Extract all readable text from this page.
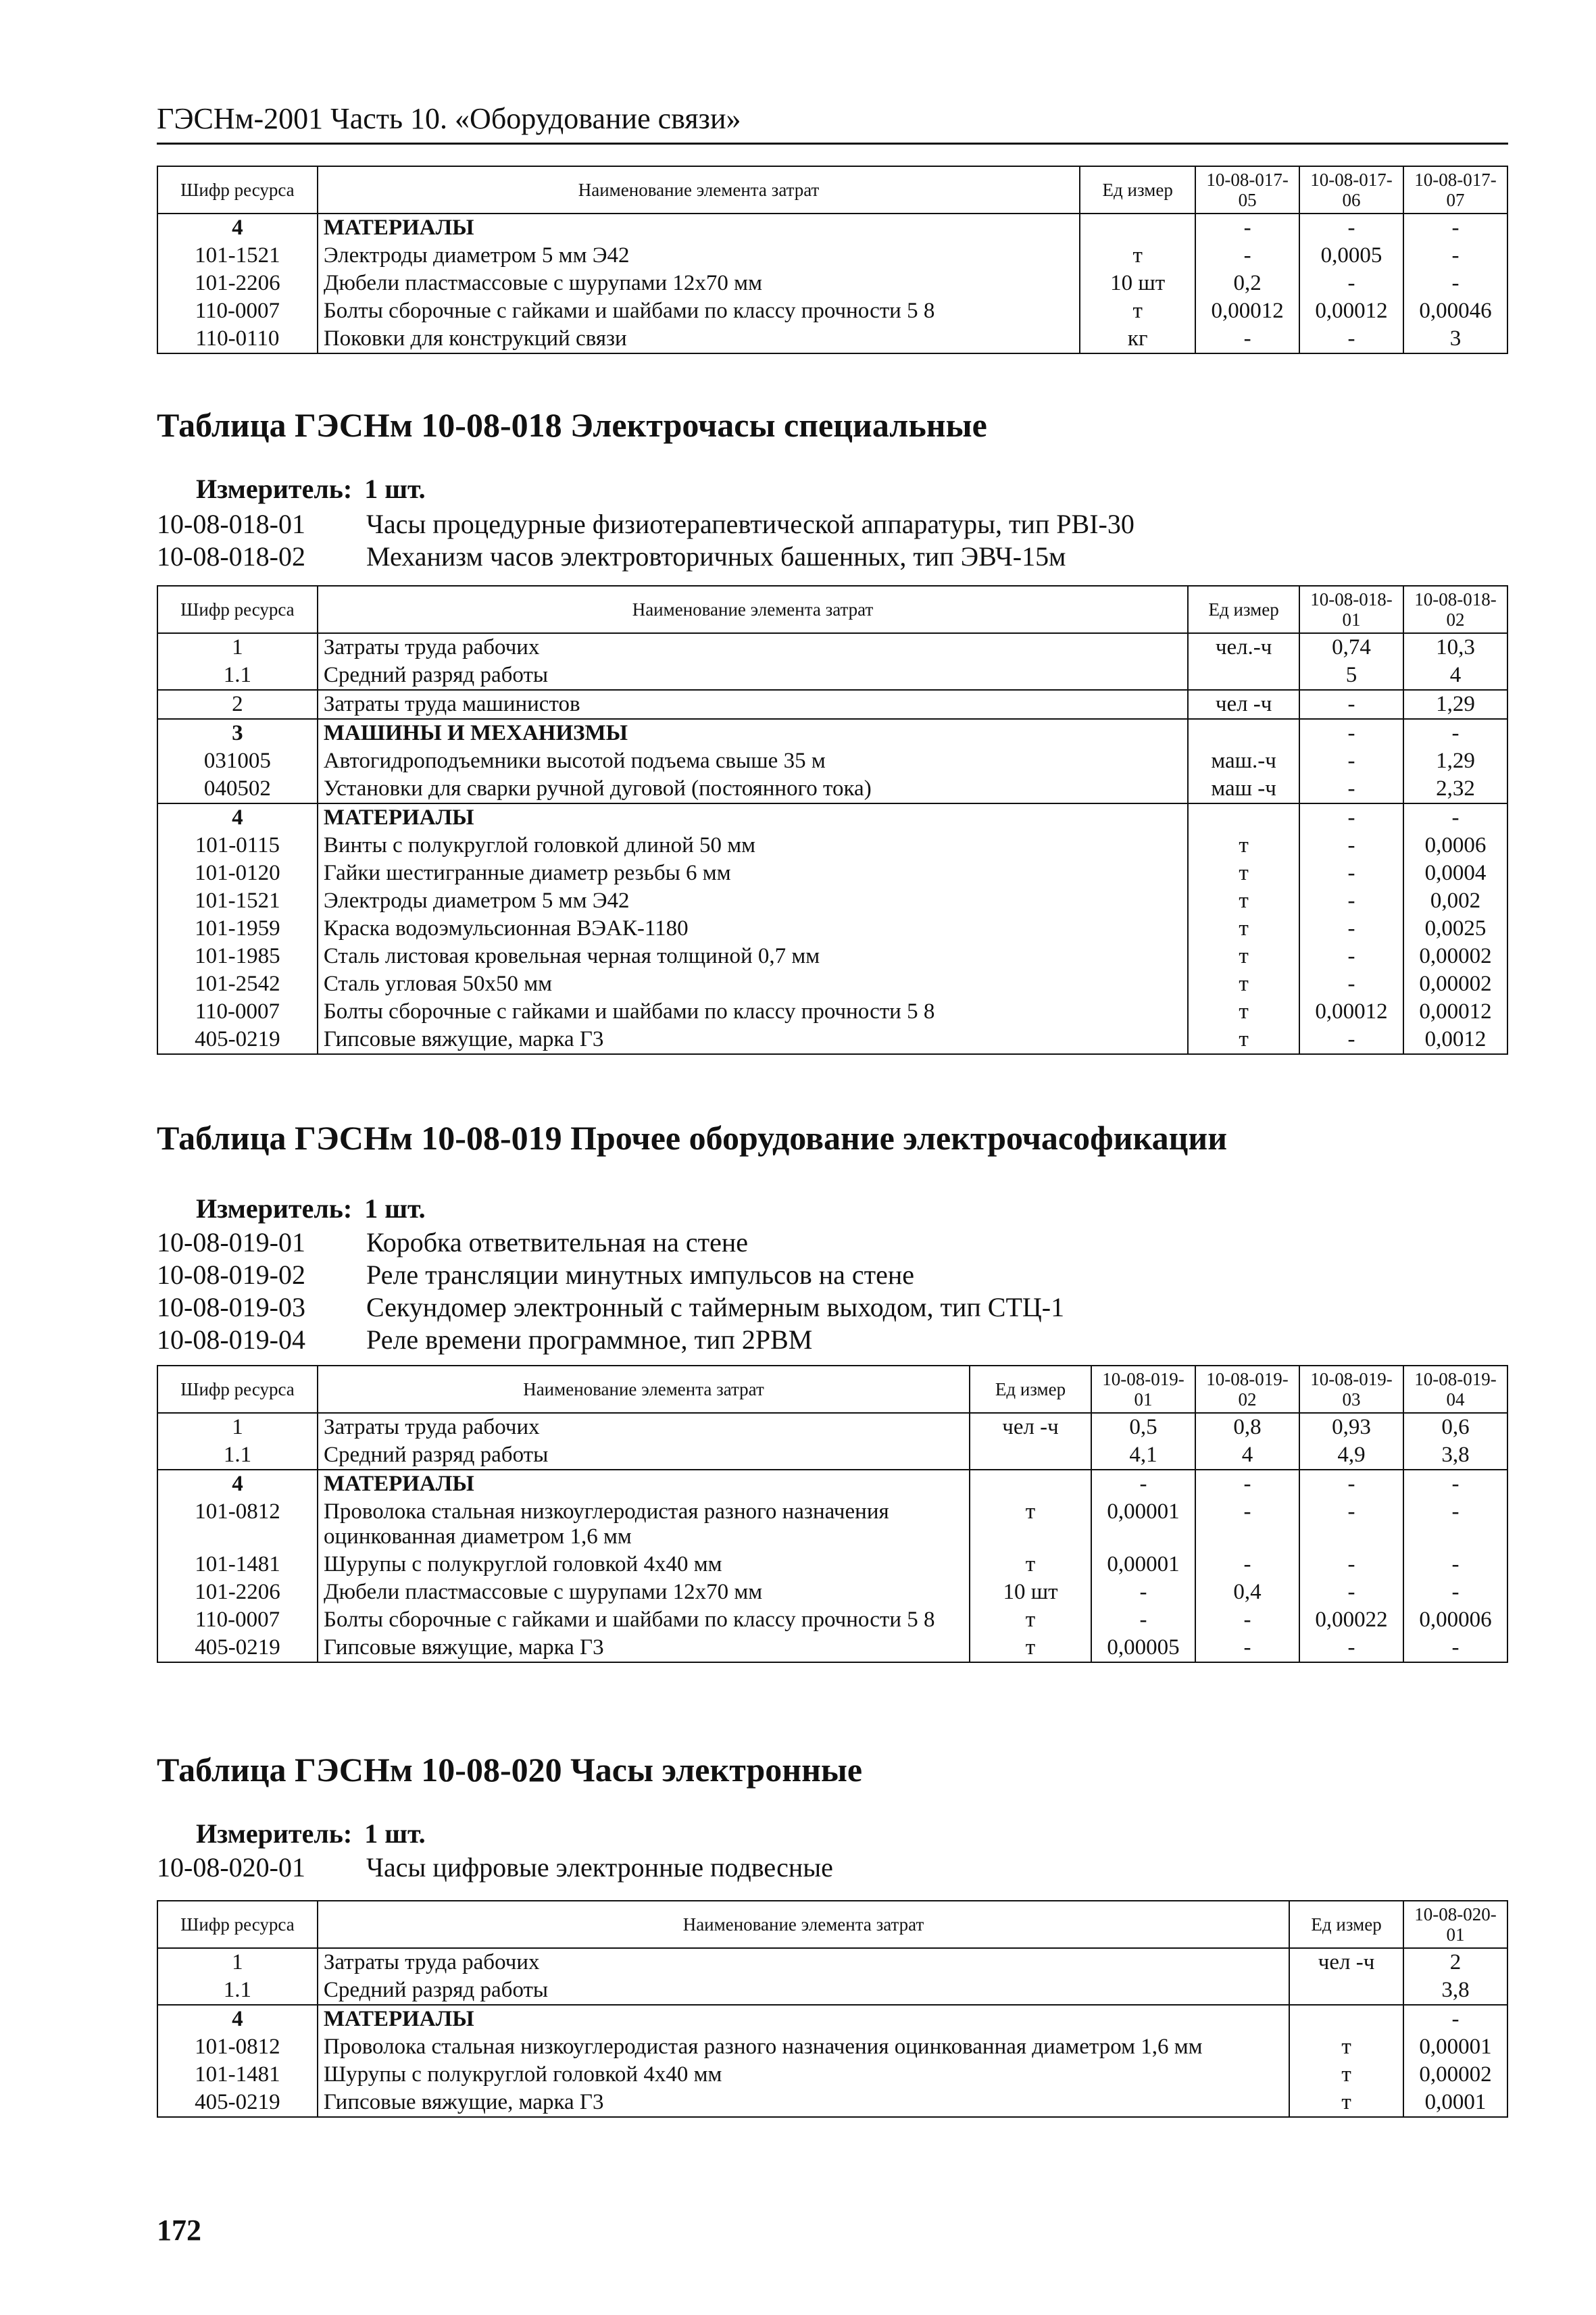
ГЭСНм-2001 Часть 10. «Оборудование связи»
Шифр ресурса	Наименование элемента затрат	Ед измер	10-08-017-05	10-08-017-06	10-08-017-07
4	МАТЕРИАЛЫ		-	-	-
101-1521	Электроды диаметром 5 мм Э42	т	-	0,0005	-
101-2206	Дюбели пластмассовые с шурупами 12х70 мм	10 шт	0,2	-	-
110-0007	Болты сборочные с гайками и шайбами по классу прочности 5 8	т	0,00012	0,00012	0,00046
110-0110	Поковки для конструкций связи	кг	-	-	3
Таблица ГЭСНм 10-08-018 Электрочасы специальные
Измеритель: 1 шт.
10-08-018-01	Часы процедурные физиотерапевтической аппаратуры, тип РВI-30
10-08-018-02	Механизм часов электровторичных башенных, тип ЭВЧ-15м
Шифр ресурса	Наименование элемента затрат	Ед измер	10-08-018-01	10-08-018-02
1	Затраты труда рабочих	чел.-ч	0,74	10,3
1.1	Средний разряд работы		5	4
2	Затраты труда машинистов	чел -ч	-	1,29
3	МАШИНЫ И МЕХАНИЗМЫ		-	-
031005	Автогидроподъемники высотой подъема свыше 35 м	маш.-ч	-	1,29
040502	Установки для сварки ручной дуговой (постоянного тока)	маш -ч	-	2,32
4	МАТЕРИАЛЫ		-	-
101-0115	Винты с полукруглой головкой длиной 50 мм	т	-	0,0006
101-0120	Гайки шестигранные диаметр резьбы 6 мм	т	-	0,0004
101-1521	Электроды диаметром 5 мм Э42	т	-	0,002
101-1959	Краска водоэмульсионная ВЭАК-1180	т	-	0,0025
101-1985	Сталь листовая кровельная черная толщиной 0,7 мм	т	-	0,00002
101-2542	Сталь угловая 50х50 мм	т	-	0,00002
110-0007	Болты сборочные с гайками и шайбами по классу прочности 5 8	т	0,00012	0,00012
405-0219	Гипсовые вяжущие, марка Г3	т	-	0,0012
Таблица ГЭСНм 10-08-019 Прочее оборудование электрочасофикации
Измеритель: 1 шт.
10-08-019-01	Коробка ответвительная на стене
10-08-019-02	Реле трансляции минутных импульсов на стене
10-08-019-03	Секундомер электронный с таймерным выходом, тип СТЦ-1
10-08-019-04	Реле времени программное, тип 2РВМ
Шифр ресурса	Наименование элемента затрат	Ед измер	10-08-019-01	10-08-019-02	10-08-019-03	10-08-019-04
1	Затраты труда рабочих	чел -ч	0,5	0,8	0,93	0,6
1.1	Средний разряд работы		4,1	4	4,9	3,8
4	МАТЕРИАЛЫ		-	-	-	-
101-0812	Проволока стальная низкоуглеродистая разного назначения оцинкованная диаметром 1,6 мм	т	0,00001	-	-	-
101-1481	Шурупы с полукруглой головкой 4х40 мм	т	0,00001	-	-	-
101-2206	Дюбели пластмассовые с шурупами 12х70 мм	10 шт	-	0,4	-	-
110-0007	Болты сборочные с гайками и шайбами по классу прочности 5 8	т	-	-	0,00022	0,00006
405-0219	Гипсовые вяжущие, марка Г3	т	0,00005	-	-	-
Таблица ГЭСНм 10-08-020 Часы электронные
Измеритель: 1 шт.
10-08-020-01	Часы цифровые электронные подвесные
Шифр ресурса	Наименование элемента затрат	Ед измер	10-08-020-01
1	Затраты труда рабочих	чел -ч	2
1.1	Средний разряд работы		3,8
4	МАТЕРИАЛЫ		-
101-0812	Проволока стальная низкоуглеродистая разного назначения оцинкованная диаметром 1,6 мм	т	0,00001
101-1481	Шурупы с полукруглой головкой 4х40 мм	т	0,00002
405-0219	Гипсовые вяжущие, марка Г3	т	0,0001
172
